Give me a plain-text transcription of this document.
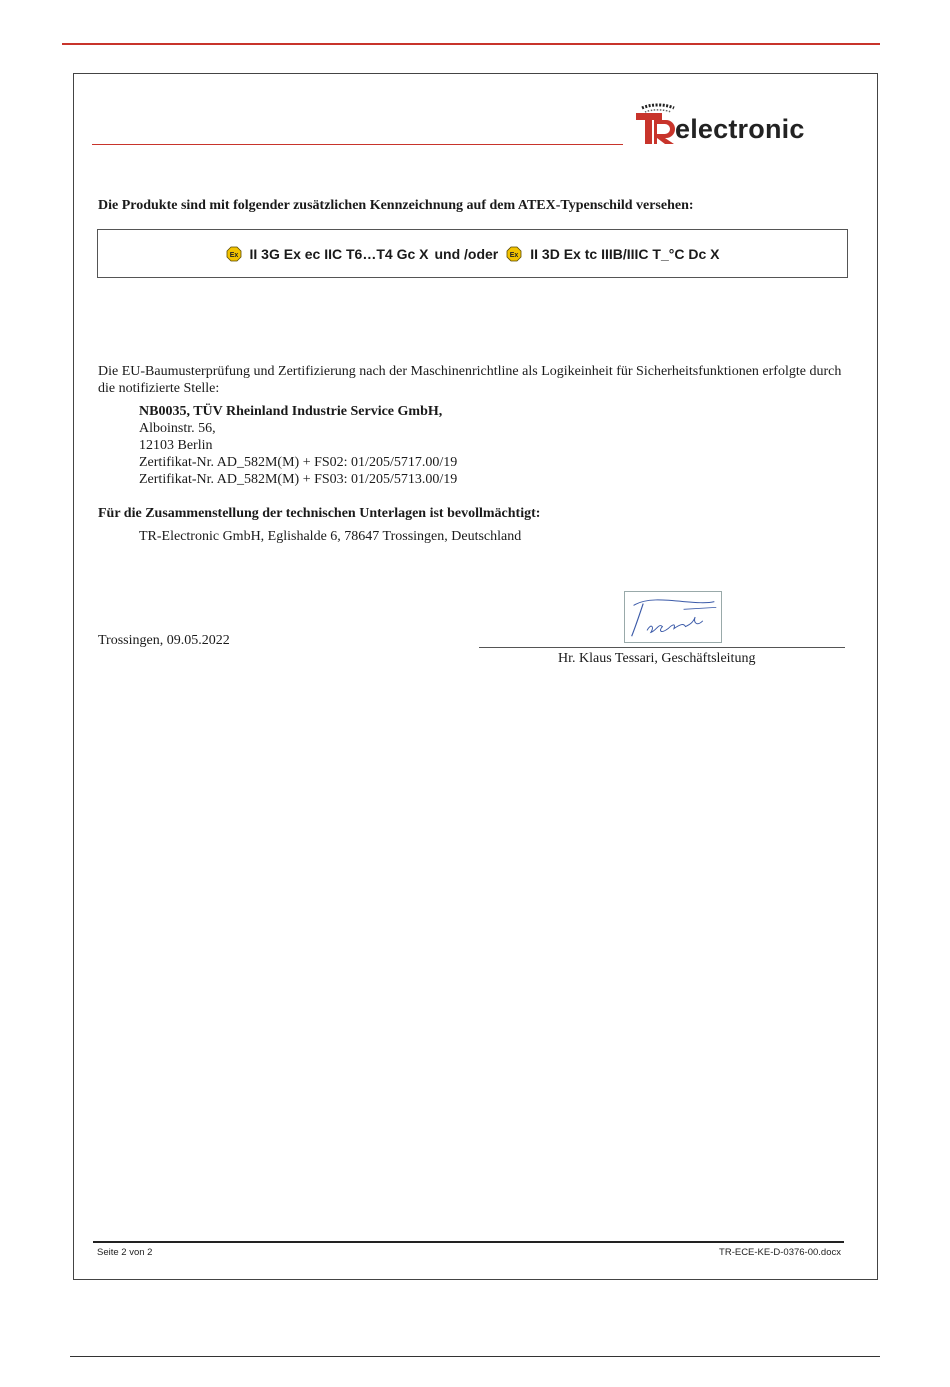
electronic
Die Produkte sind mit folgender zusätzlichen Kennzeichnung auf dem ATEX-Typenschild versehen:
Ex II 3G Ex ec IIC T6…T4 Gc X und /oder Ex II 3D Ex tc IIIB/IIIC T_°C Dc X
Die EU-Baumusterprüfung und Zertifizierung nach der Maschinenrichtline als Logikeinheit für Sicherheitsfunktionen erfolgte durch die notifizierte Stelle:
NB0035, TÜV Rheinland Industrie Service GmbH,
Alboinstr. 56,
12103 Berlin
Zertifikat-Nr. AD_582M(M) + FS02: 01/205/5717.00/19
Zertifikat-Nr. AD_582M(M) + FS03: 01/205/5713.00/19
Für die Zusammenstellung der technischen Unterlagen ist bevollmächtigt:
TR-Electronic GmbH, Eglishalde 6, 78647 Trossingen, Deutschland
Trossingen, 09.05.2022
Hr. Klaus Tessari, Geschäftsleitung
Seite 2 von 2	TR-ECE-KE-D-0376-00.docx
